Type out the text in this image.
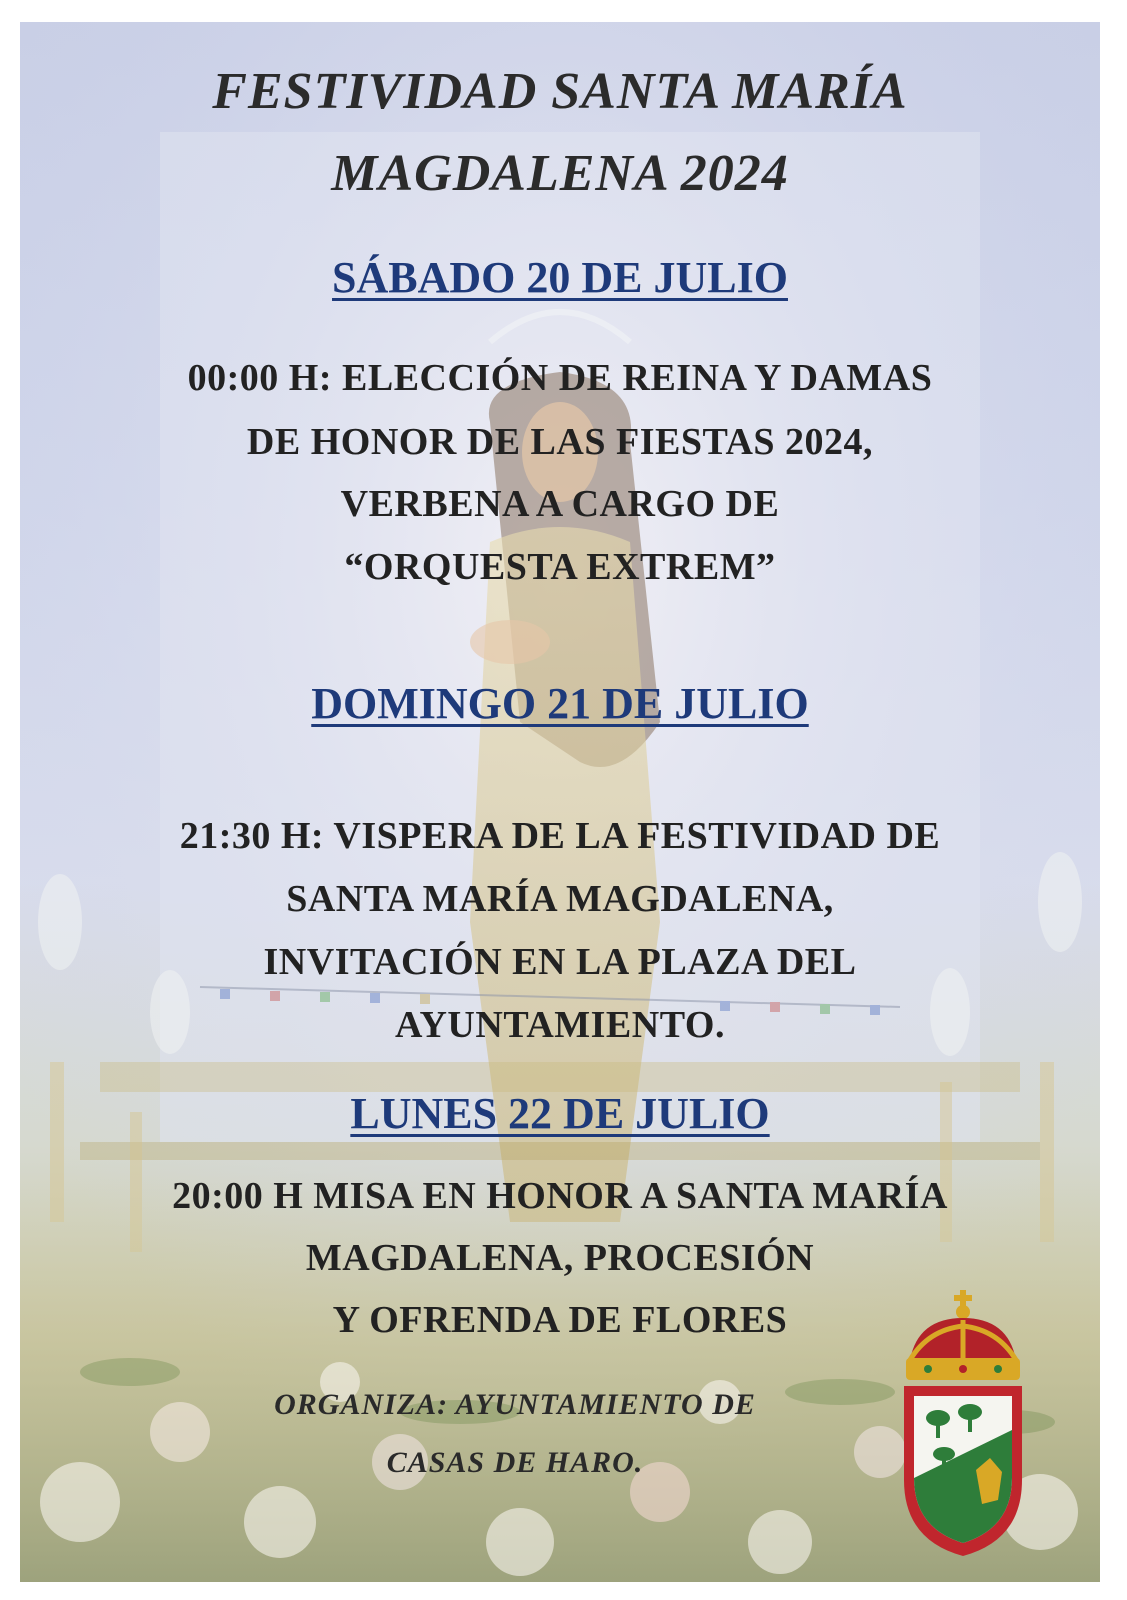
FESTIVIDAD SANTA MARÍA
MAGDALENA 2024
SÁBADO 20 DE JULIO
00:00 H: ELECCIÓN DE REINA Y DAMAS
DE HONOR DE LAS FIESTAS 2024,
VERBENA A CARGO DE
“ORQUESTA EXTREM”
DOMINGO 21 DE JULIO
21:30 H: VISPERA DE LA FESTIVIDAD DE
SANTA MARÍA MAGDALENA,
INVITACIÓN EN LA PLAZA DEL
AYUNTAMIENTO.
LUNES 22 DE JULIO
20:00 H MISA EN HONOR A SANTA MARÍA
MAGDALENA, PROCESIÓN
Y OFRENDA DE FLORES
ORGANIZA: AYUNTAMIENTO DE
CASAS DE HARO.
